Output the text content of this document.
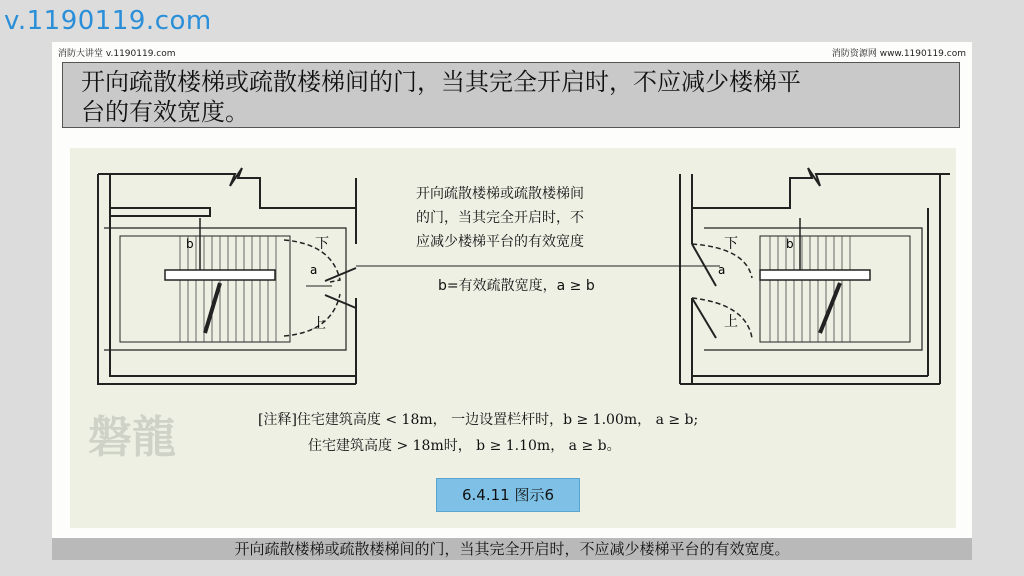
v.1190119.com
消防大讲堂 v.1190119.com	消防资源网 www.1190119.com
开向疏散楼梯或疏散楼梯间的门，当其完全开启时，不应减少楼梯平
台的有效宽度。
下
上
a
b	下
上
a
b
开向疏散楼梯或疏散楼梯间
的门，当其完全开启时，不
应减少楼梯平台的有效宽度
b=有效疏散宽度，a ≥ b
磐龍	[注释]住宅建筑高度 < 18m， 一边设置栏杆时，b ≥ 1.00m， a ≥ b;
住宅建筑高度 > 18m时， b ≥ 1.10m， a ≥ b。
6.4.11 图示6
开向疏散楼梯或疏散楼梯间的门，当其完全开启时，不应减少楼梯平台的有效宽度。
